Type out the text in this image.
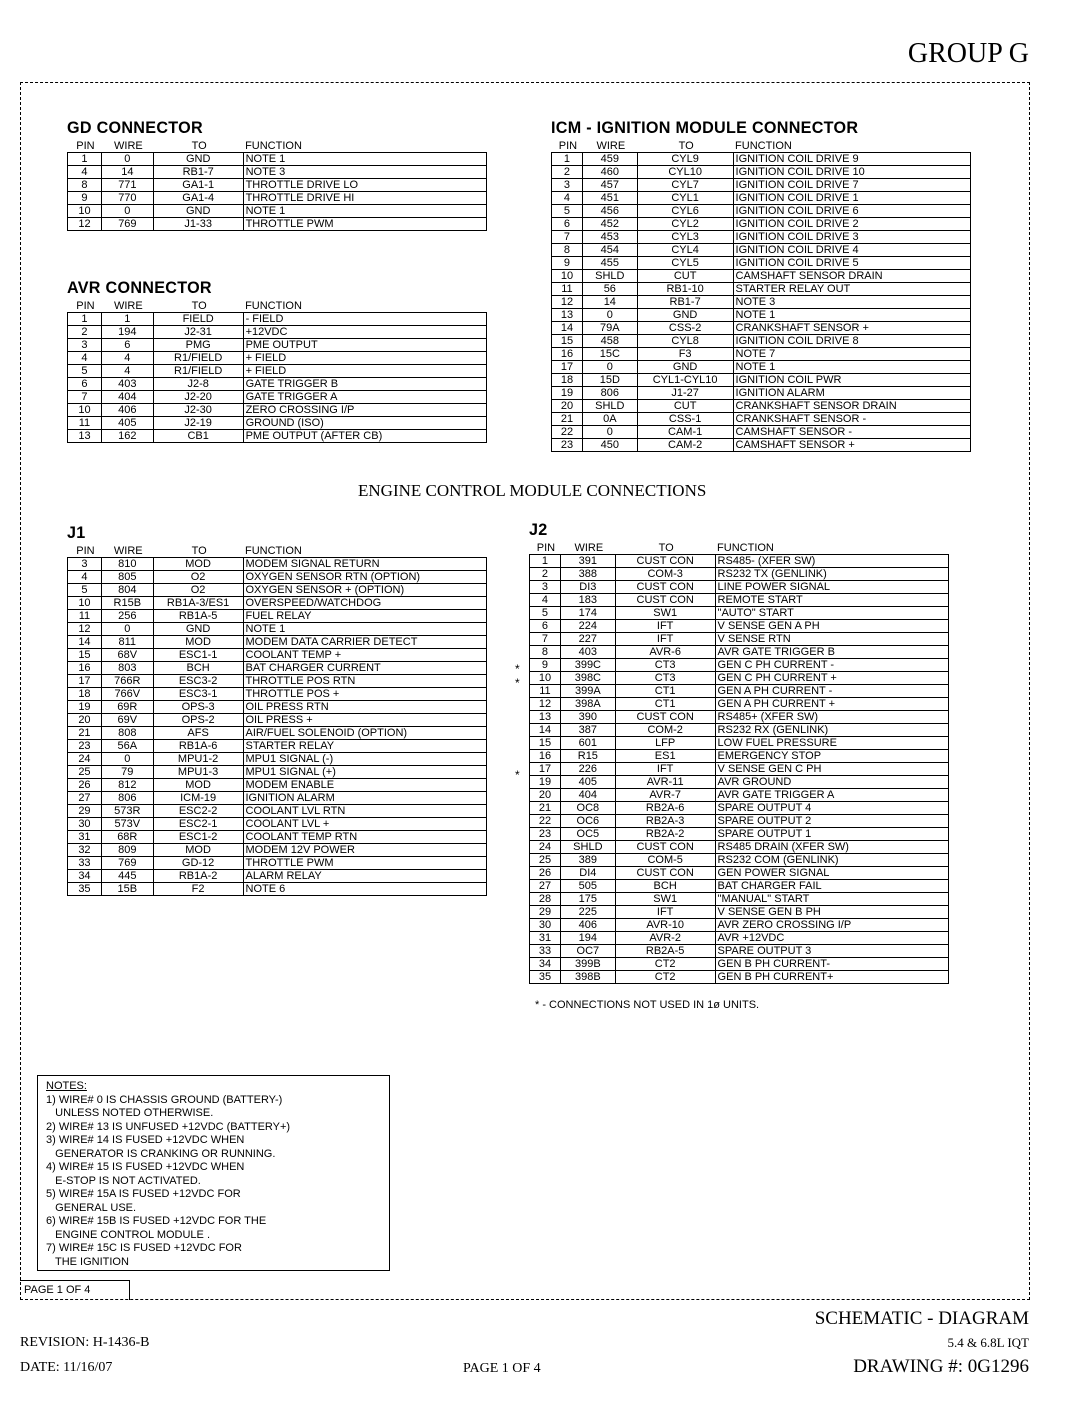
GROUP G
GD CONNECTOR
PIN	WIRE	TO	FUNCTION
1	0	GND	NOTE 1
4	14	RB1-7	NOTE 3
8	771	GA1-1	THROTTLE DRIVE LO
9	770	GA1-4	THROTTLE DRIVE HI
10	0	GND	NOTE 1
12	769	J1-33	THROTTLE PWM
AVR CONNECTOR
PIN	WIRE	TO	FUNCTION
1	1	FIELD	- FIELD
2	194	J2-31	+12VDC
3	6	PMG	PME OUTPUT
4	4	R1/FIELD	+ FIELD
5	4	R1/FIELD	+ FIELD
6	403	J2-8	GATE TRIGGER B
7	404	J2-20	GATE TRIGGER A
10	406	J2-30	ZERO CROSSING I/P
11	405	J2-19	GROUND (ISO)
13	162	CB1	PME OUTPUT (AFTER CB)
ICM - IGNITION MODULE CONNECTOR
PIN	WIRE	TO	FUNCTION
1	459	CYL9	IGNITION COIL DRIVE 9
2	460	CYL10	IGNITION COIL DRIVE 10
3	457	CYL7	IGNITION COIL DRIVE 7
4	451	CYL1	IGNITION COIL DRIVE 1
5	456	CYL6	IGNITION COIL DRIVE 6
6	452	CYL2	IGNITION COIL DRIVE 2
7	453	CYL3	IGNITION COIL DRIVE 3
8	454	CYL4	IGNITION COIL DRIVE 4
9	455	CYL5	IGNITION COIL DRIVE 5
10	SHLD	CUT	CAMSHAFT SENSOR DRAIN
11	56	RB1-10	STARTER RELAY OUT
12	14	RB1-7	NOTE 3
13	0	GND	NOTE 1
14	79A	CSS-2	CRANKSHAFT SENSOR +
15	458	CYL8	IGNITION COIL DRIVE 8
16	15C	F3	NOTE 7
17	0	GND	NOTE 1
18	15D	CYL1-CYL10	IGNITION COIL PWR
19	806	J1-27	IGNITION ALARM
20	SHLD	CUT	CRANKSHAFT SENSOR DRAIN
21	0A	CSS-1	CRANKSHAFT SENSOR -
22	0	CAM-1	CAMSHAFT SENSOR -
23	450	CAM-2	CAMSHAFT SENSOR +
ENGINE CONTROL MODULE CONNECTIONS
J1
PIN	WIRE	TO	FUNCTION
3	810	MOD	MODEM SIGNAL RETURN
4	805	O2	OXYGEN SENSOR RTN (OPTION)
5	804	O2	OXYGEN SENSOR + (OPTION)
10	R15B	RB1A-3/ES1	OVERSPEED/WATCHDOG
11	256	RB1A-5	FUEL RELAY
12	0	GND	NOTE 1
14	811	MOD	MODEM DATA CARRIER DETECT
15	68V	ESC1-1	COOLANT TEMP +
16	803	BCH	BAT CHARGER CURRENT
17	766R	ESC3-2	THROTTLE POS RTN
18	766V	ESC3-1	THROTTLE POS +
19	69R	OPS-3	OIL PRESS RTN
20	69V	OPS-2	OIL PRESS +
21	808	AFS	AIR/FUEL SOLENOID (OPTION)
23	56A	RB1A-6	STARTER RELAY
24	0	MPU1-2	MPU1 SIGNAL (-)
25	79	MPU1-3	MPU1 SIGNAL (+)
26	812	MOD	MODEM ENABLE
27	806	ICM-19	IGNITION ALARM
29	573R	ESC2-2	COOLANT LVL RTN
30	573V	ESC2-1	COOLANT LVL +
31	68R	ESC1-2	COOLANT TEMP RTN
32	809	MOD	MODEM 12V POWER
33	769	GD-12	THROTTLE PWM
34	445	RB1A-2	ALARM RELAY
35	15B	F2	NOTE 6
J2
PIN	WIRE	TO	FUNCTION
1	391	CUST CON	RS485- (XFER SW)
2	388	COM-3	RS232 TX (GENLINK)
3	DI3	CUST CON	LINE POWER SIGNAL
4	183	CUST CON	REMOTE START
5	174	SW1	"AUTO" START
6	224	IFT	V SENSE GEN A PH
7	227	IFT	V SENSE RTN
8	403	AVR-6	AVR GATE TRIGGER B
9	399C	CT3	GEN C PH CURRENT -
10	398C	CT3	GEN C PH CURRENT +
11	399A	CT1	GEN A PH CURRENT -
12	398A	CT1	GEN A PH CURRENT +
13	390	CUST CON	RS485+ (XFER SW)
14	387	COM-2	RS232 RX (GENLINK)
15	601	LFP	LOW FUEL PRESSURE
16	R15	ES1	EMERGENCY STOP
17	226	IFT	V SENSE GEN C PH
19	405	AVR-11	AVR GROUND
20	404	AVR-7	AVR GATE TRIGGER A
21	OC8	RB2A-6	SPARE OUTPUT 4
22	OC6	RB2A-3	SPARE OUTPUT 2
23	OC5	RB2A-2	SPARE OUTPUT 1
24	SHLD	CUST CON	RS485 DRAIN (XFER SW)
25	389	COM-5	RS232 COM (GENLINK)
26	DI4	CUST CON	GEN POWER SIGNAL
27	505	BCH	BAT CHARGER FAIL
28	175	SW1	"MANUAL" START
29	225	IFT	V SENSE GEN B PH
30	406	AVR-10	AVR ZERO CROSSING I/P
31	194	AVR-2	AVR +12VDC
33	OC7	RB2A-5	SPARE OUTPUT 3
34	399B	CT2	GEN B PH CURRENT-
35	398B	CT2	GEN B PH CURRENT+
*
*
*
* - CONNECTIONS NOT USED IN 1ø UNITS.
NOTES:
1) WIRE# 0 IS CHASSIS GROUND (BATTERY-)
UNLESS NOTED OTHERWISE.
2) WIRE# 13 IS UNFUSED +12VDC (BATTERY+)
3) WIRE# 14 IS FUSED +12VDC WHEN
GENERATOR IS CRANKING OR RUNNING.
4) WIRE# 15 IS FUSED +12VDC WHEN
E-STOP IS NOT ACTIVATED.
5) WIRE# 15A IS FUSED +12VDC FOR
GENERAL USE.
6) WIRE# 15B IS FUSED +12VDC FOR THE
ENGINE CONTROL MODULE .
7) WIRE# 15C IS FUSED +12VDC FOR
THE IGNITION
PAGE 1 OF 4
SCHEMATIC - DIAGRAM
REVISION: H-1436-B	5.4 & 6.8L IQT
DATE: 11/16/07	PAGE 1 OF 4	DRAWING #: 0G1296
